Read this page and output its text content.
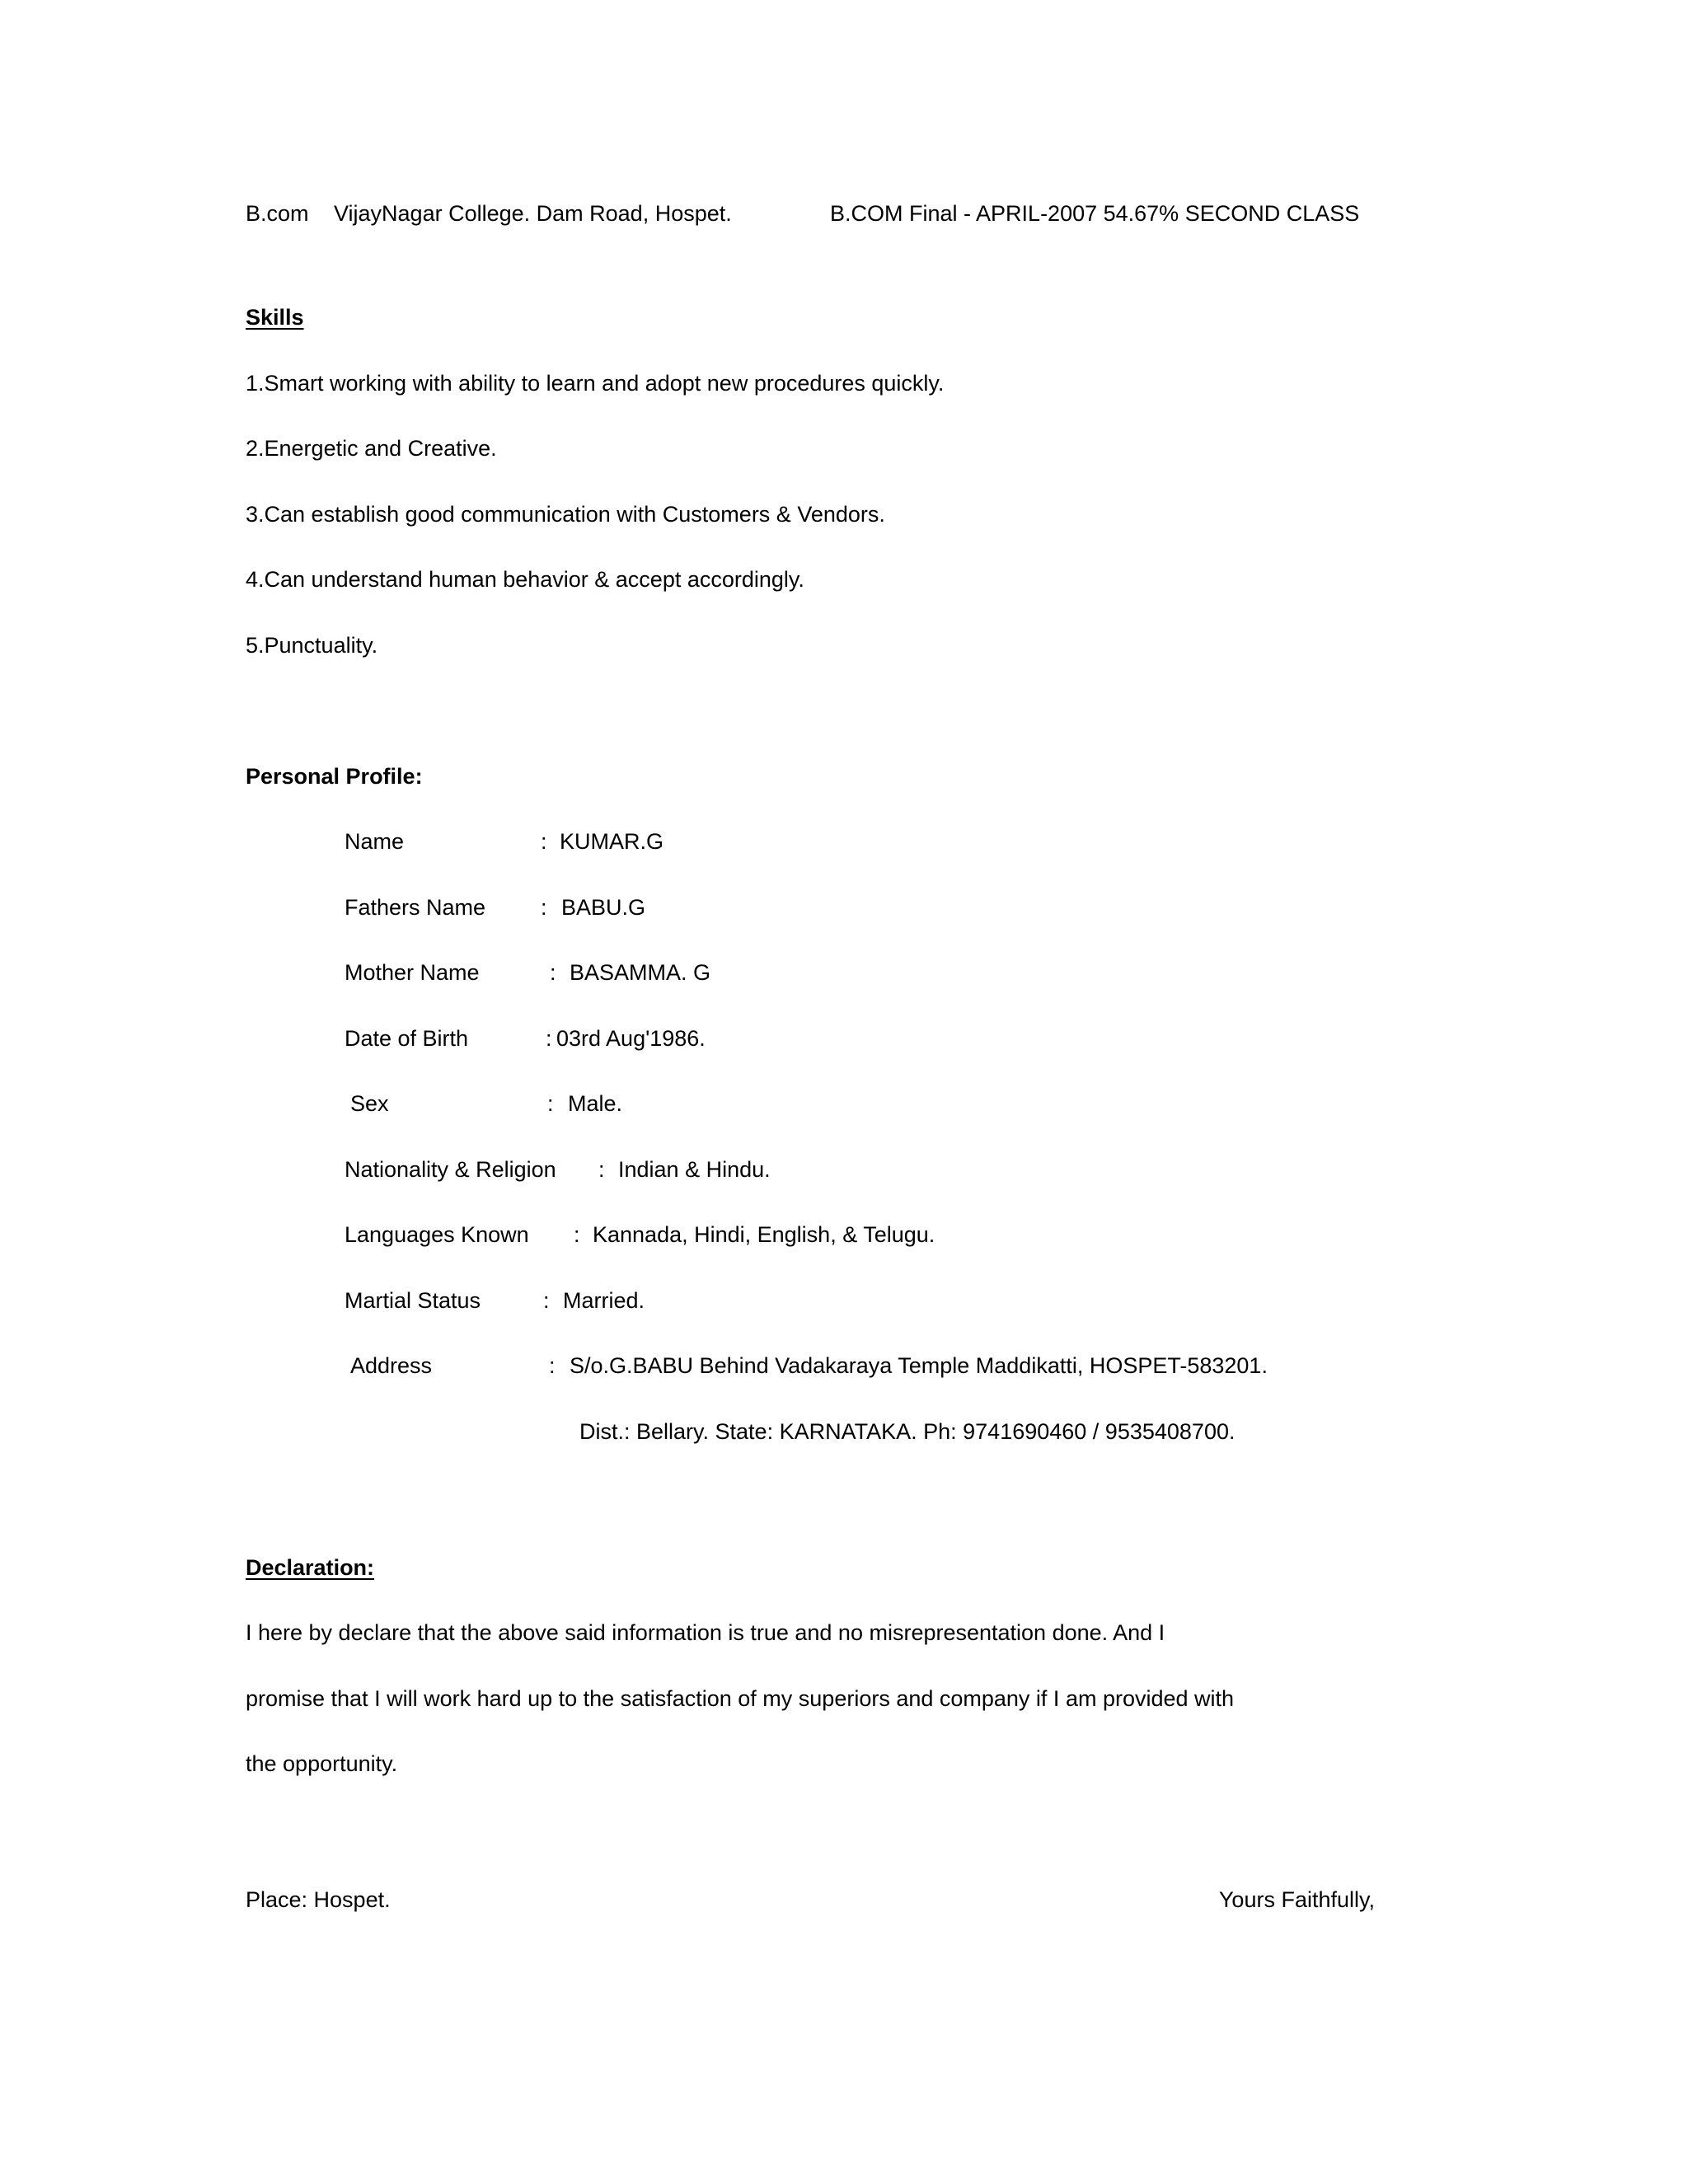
B.com VijayNagar College. Dam Road, Hospet.	B.COM Final - APRIL-2007 54.67% SECOND CLASS
Skills
1.Smart working with ability to learn and adopt new procedures quickly.
2.Energetic and Creative.
3.Can establish good communication with Customers & Vendors.
4.Can understand human behavior & accept accordingly.
5.Punctuality.
Personal Profile:
Name	: KUMAR.G
Fathers Name : BABU.G
Mother Name	: BASAMMA. G
Date of Birth	: 03rd Aug'1986.
Sex	: Male.
Nationality & Religion : Indian & Hindu.
Languages Known : Kannada, Hindi, English, & Telugu.
Martial Status	: Married.
Address	: S/o.G.BABU Behind Vadakaraya Temple Maddikatti, HOSPET-583201.
Dist.: Bellary. State: KARNATAKA. Ph: 9741690460 / 9535408700.
Declaration:
I here by declare that the above said information is true and no misrepresentation done. And I
promise that I will work hard up to the satisfaction of my superiors and company if I am provided with
the opportunity.
Place: Hospet.	Yours Faithfully,
